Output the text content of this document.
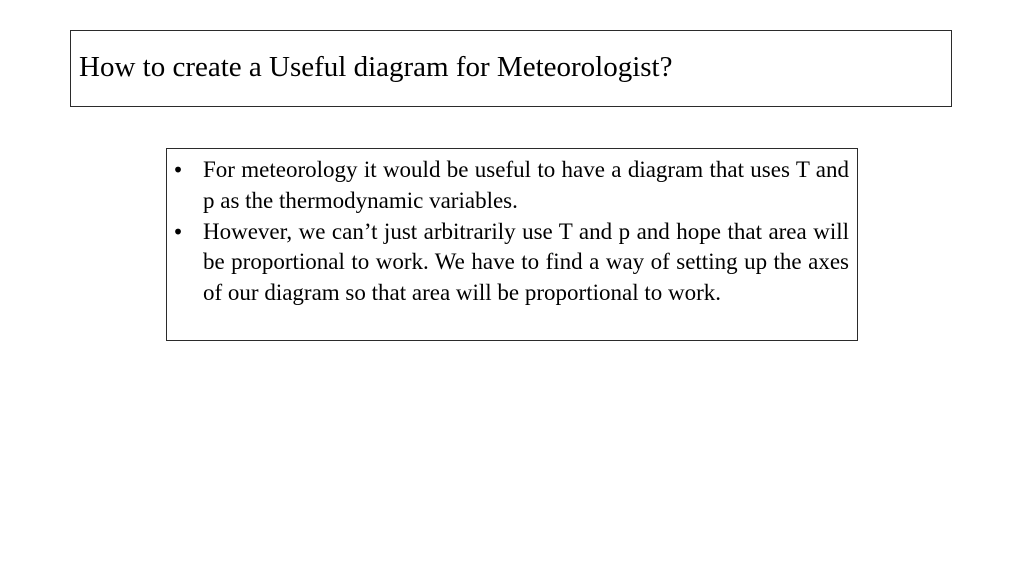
How to create a Useful diagram for Meteorologist?
• For meteorology it would be useful to have a diagram that uses T and p as the thermodynamic variables.
• However, we can’t just arbitrarily use T and p and hope that area will be proportional to work. We have to find a way of setting up the axes of our diagram so that area will be proportional to work.
